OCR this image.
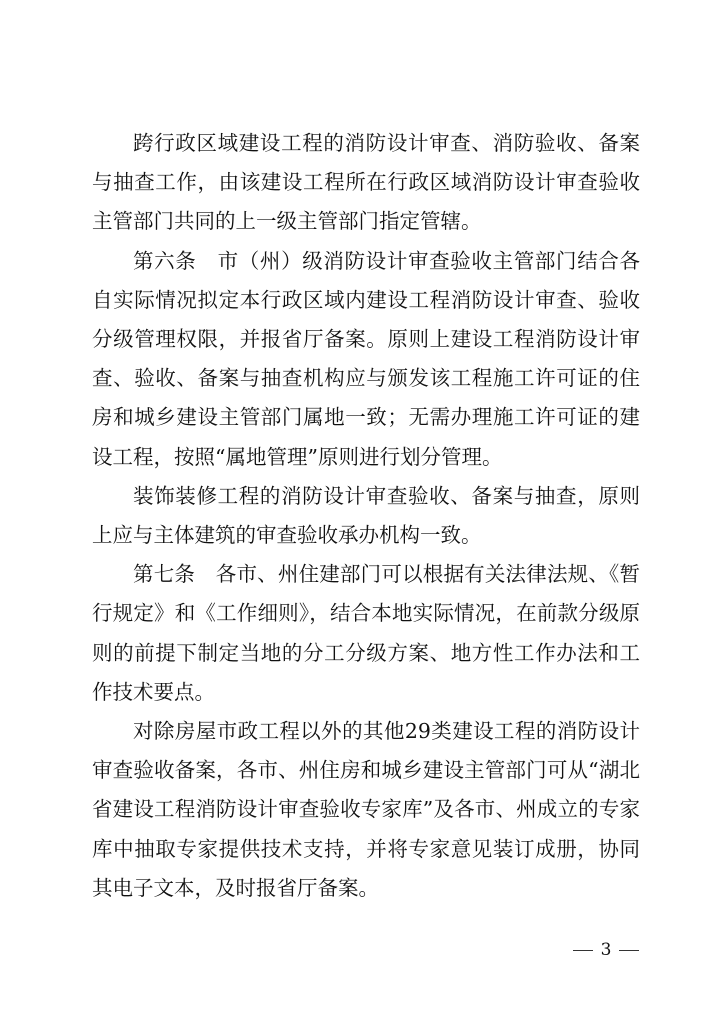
跨行政区域建设工程的消防设计审查、消防验收、备案与抽查工作，由该建设工程所在行政区域消防设计审查验收主管部门共同的上一级主管部门指定管辖。

第六条　市（州）级消防设计审查验收主管部门结合各自实际情况拟定本行政区域内建设工程消防设计审查、验收分级管理权限，并报省厅备案。原则上建设工程消防设计审查、验收、备案与抽查机构应与颁发该工程施工许可证的住房和城乡建设主管部门属地一致；无需办理施工许可证的建设工程，按照“属地管理”原则进行划分管理。

装饰装修工程的消防设计审查验收、备案与抽查，原则上应与主体建筑的审查验收承办机构一致。

第七条　各市、州住建部门可以根据有关法律法规、《暂行规定》和《工作细则》，结合本地实际情况，在前款分级原则的前提下制定当地的分工分级方案、地方性工作办法和工作技术要点。

对除房屋市政工程以外的其他29类建设工程的消防设计审查验收备案，各市、州住房和城乡建设主管部门可从“湖北省建设工程消防设计审查验收专家库”及各市、州成立的专家库中抽取专家提供技术支持，并将专家意见装订成册，协同其电子文本，及时报省厅备案。

3
